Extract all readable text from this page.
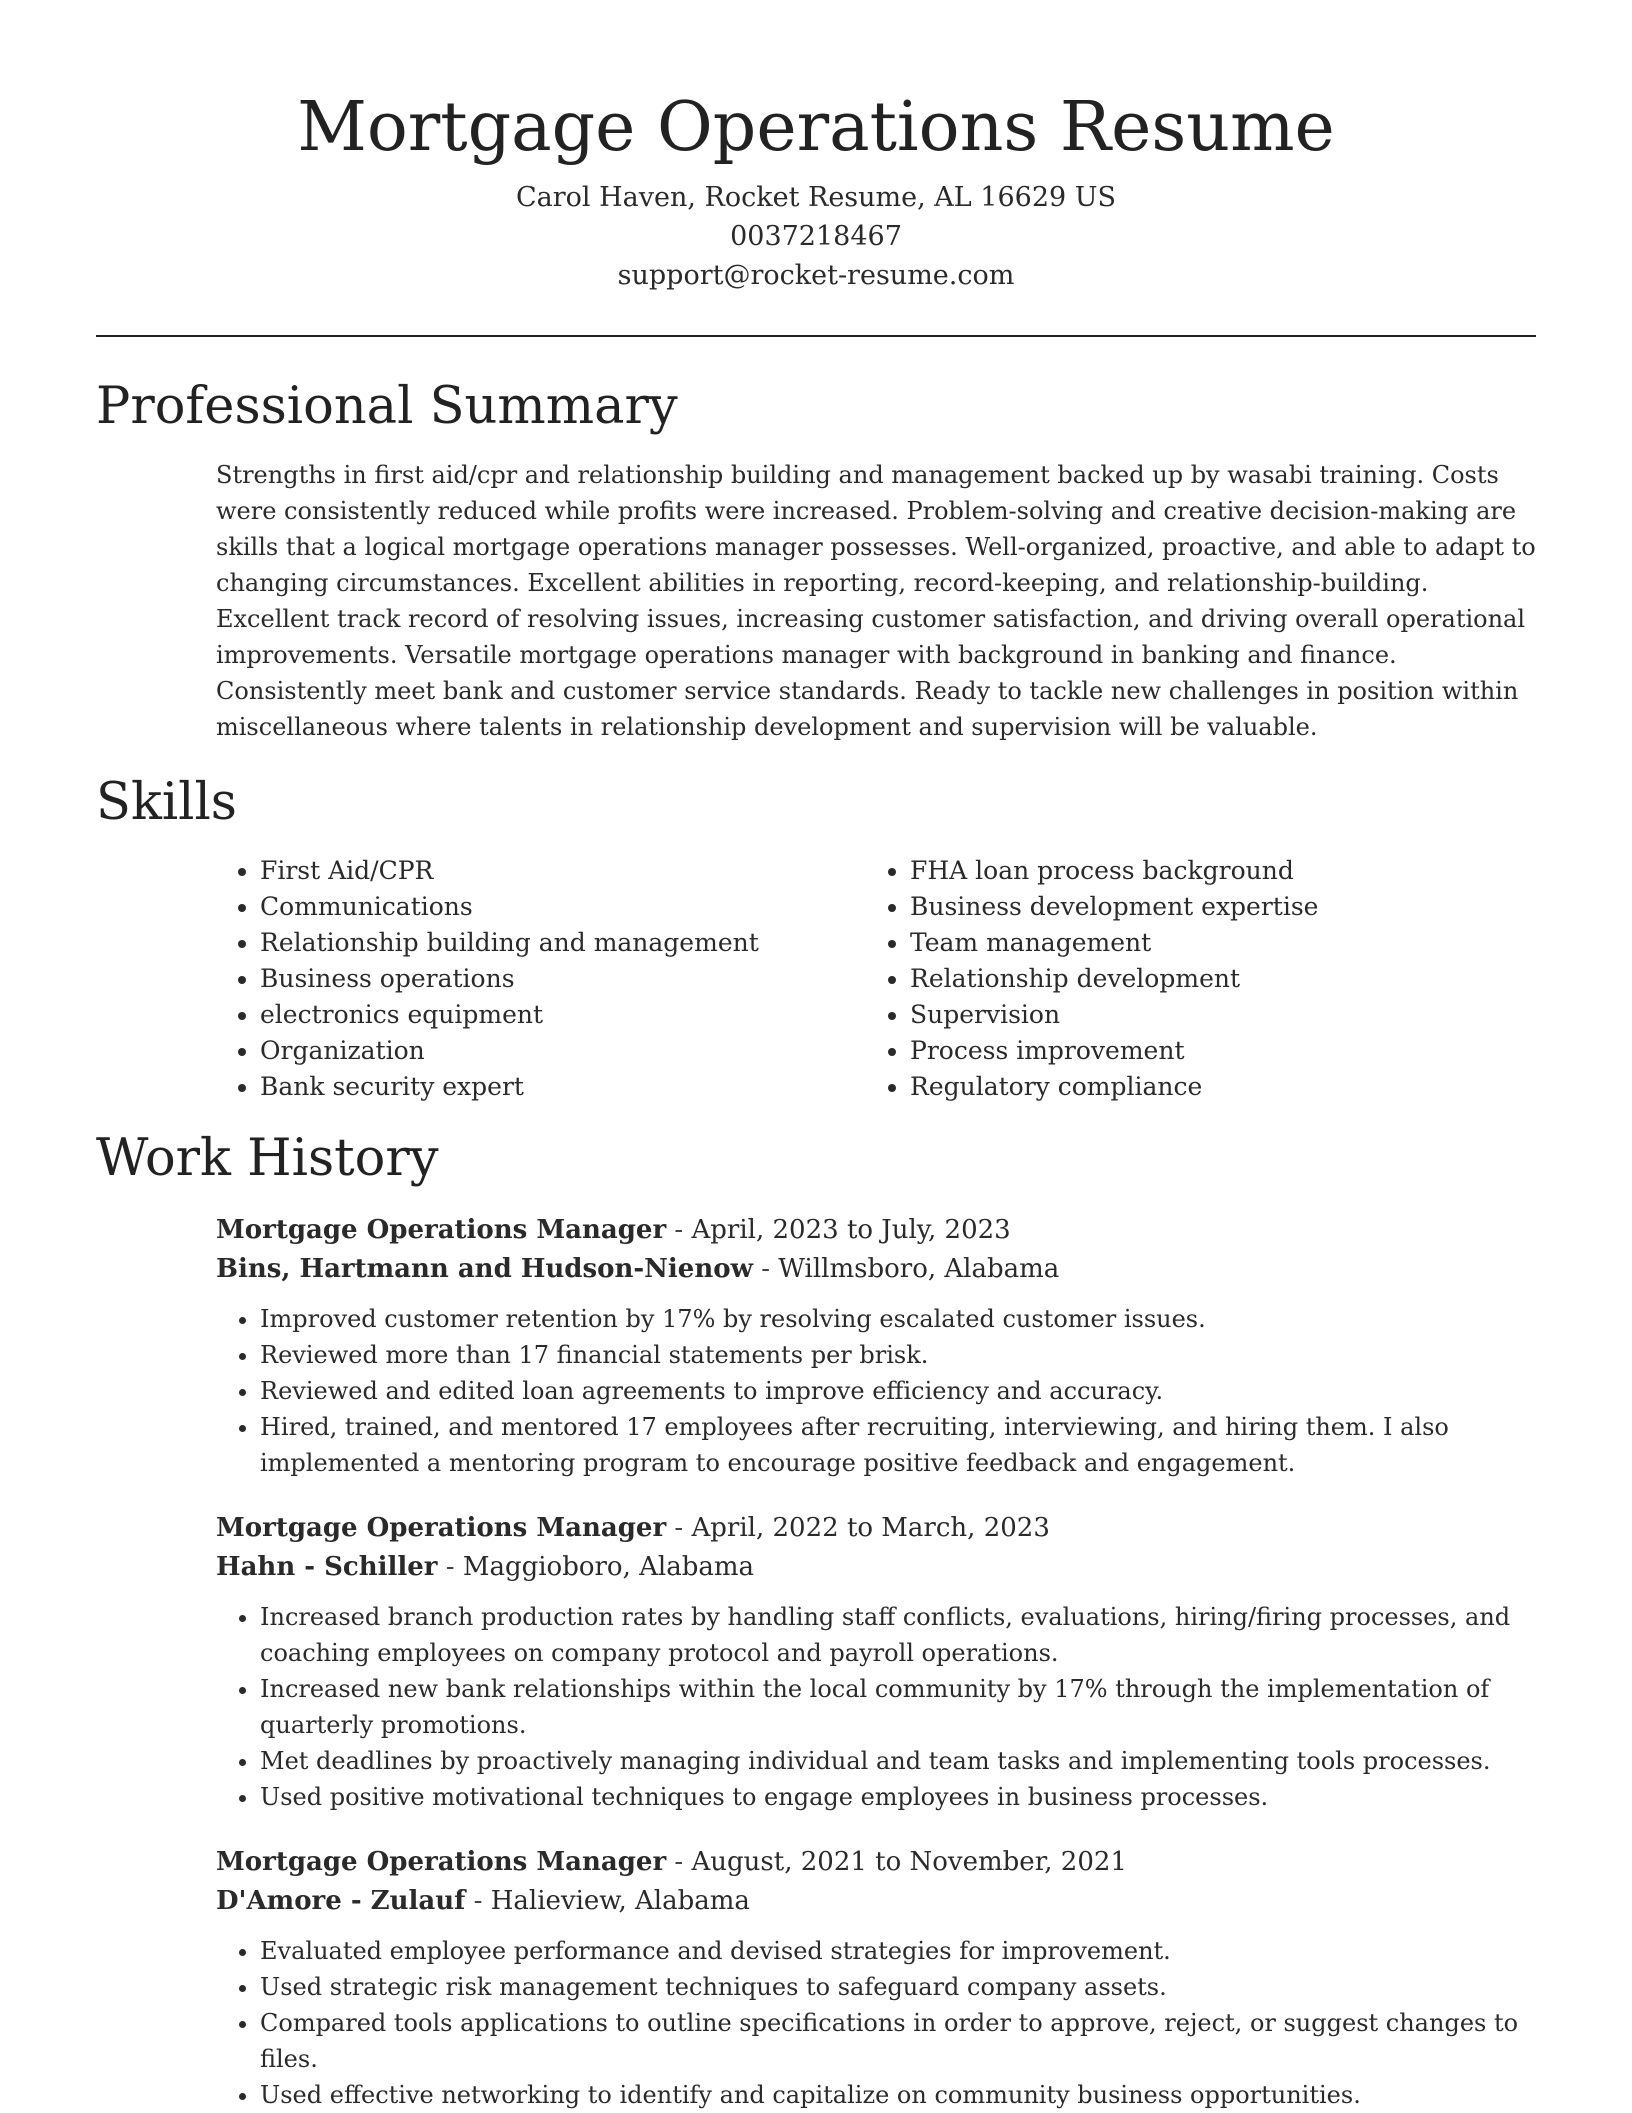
Mortgage Operations Resume
Carol Haven, Rocket Resume, AL 16629 US
0037218467
support@rocket-resume.com
Professional Summary
Strengths in first aid/cpr and relationship building and management backed up by wasabi training. Costs were consistently reduced while profits were increased. Problem-solving and creative decision-making are skills that a logical mortgage operations manager possesses. Well-organized, proactive, and able to adapt to changing circumstances. Excellent abilities in reporting, record-keeping, and relationship-building. Excellent track record of resolving issues, increasing customer satisfaction, and driving overall operational improvements. Versatile mortgage operations manager with background in banking and finance. Consistently meet bank and customer service standards. Ready to tackle new challenges in position within miscellaneous where talents in relationship development and supervision will be valuable.
Skills
• First Aid/CPR
• Communications
• Relationship building and management
• Business operations
• electronics equipment
• Organization
• Bank security expert
• FHA loan process background
• Business development expertise
• Team management
• Relationship development
• Supervision
• Process improvement
• Regulatory compliance
Work History
Mortgage Operations Manager - April, 2023 to July, 2023
Bins, Hartmann and Hudson-Nienow - Willmsboro, Alabama
• Improved customer retention by 17% by resolving escalated customer issues.
• Reviewed more than 17 financial statements per brisk.
• Reviewed and edited loan agreements to improve efficiency and accuracy.
• Hired, trained, and mentored 17 employees after recruiting, interviewing, and hiring them. I also implemented a mentoring program to encourage positive feedback and engagement.
Mortgage Operations Manager - April, 2022 to March, 2023
Hahn - Schiller - Maggioboro, Alabama
• Increased branch production rates by handling staff conflicts, evaluations, hiring/firing processes, and coaching employees on company protocol and payroll operations.
• Increased new bank relationships within the local community by 17% through the implementation of quarterly promotions.
• Met deadlines by proactively managing individual and team tasks and implementing tools processes.
• Used positive motivational techniques to engage employees in business processes.
Mortgage Operations Manager - August, 2021 to November, 2021
D'Amore - Zulauf - Halieview, Alabama
• Evaluated employee performance and devised strategies for improvement.
• Used strategic risk management techniques to safeguard company assets.
• Compared tools applications to outline specifications in order to approve, reject, or suggest changes to files.
• Used effective networking to identify and capitalize on community business opportunities.
